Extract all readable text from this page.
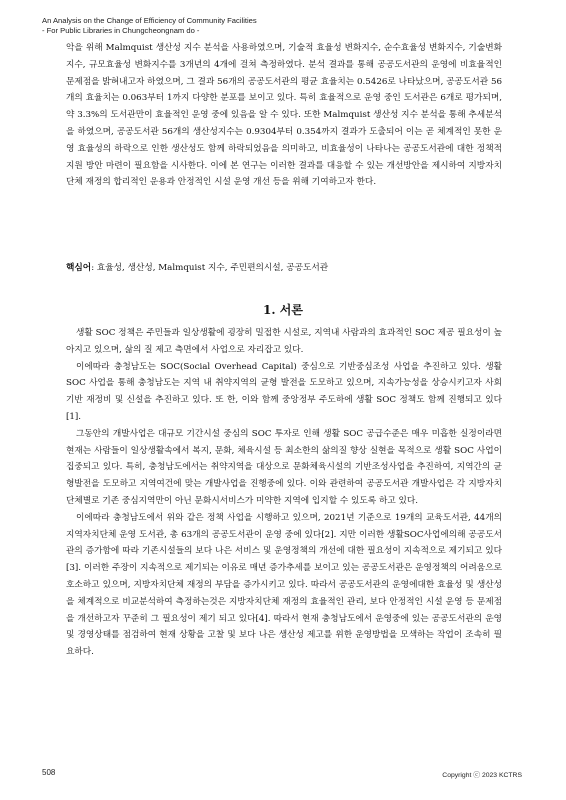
An Analysis on the Change of Efficiency of Community Facilities
- For Public Libraries in Chungcheongnam do -

악을 위해 Malmquist 생산성 지수 분석을 사용하였으며, 기술적 효율성 변화지수, 순수효율성 변화지수, 기술변화지수, 규모효율성 변화지수를 3개년의 4개에 걸쳐 측정하였다. 분석 결과를 통해 공공도서관의 운영에 비효율적인 문제점을 밝혀내고자 하였으며, 그 결과 56개의 공공도서관의 평균 효율치는 0.5426로 나타났으며, 공공도서관 56개의 효율치는 0.063부터 1까지 다양한 분포를 보이고 있다. 특히 효율적으로 운영 중인 도서관은 6개로 평가되며, 약 3.3%의 도서관만이 효율적인 운영 중에 있음을 알 수 있다. 또한 Malmquist 생산성 지수 분석을 통해 추세분석을 하였으며, 공공도서관 56개의 생산성지수는 0.9304부터 0.354까지 결과가 도출되어 이는 곧 체계적인 못한 운영 효율성의 하락으로 인한 생산성도 함께 하락되었음을 의미하고, 비효율성이 나타나는 공공도서관에 대한 정책적 지원 방안 마련이 필요함을 시사한다. 이에 본 연구는 이러한 결과를 대응할 수 있는 개선방안을 제시하여 지방자치단체 재정의 합리적인 운용과 안정적인 시설 운영 개선 등을 위해 기여하고자 한다.

핵심어: 효율성, 생산성, Malmquist 지수, 주민편의시설, 공공도서관
1. 서론

생활 SOC 정책은 주민들과 일상생활에 굉장히 밀접한 시설로, 지역내 사람과의 효과적인 SOC 제공 필요성이 높아지고 있으며, 삶의 질 제고 측면에서 사업으로 자리잡고 있다.

이에따라 충청남도는 SOC(Social Overhead Capital) 중심으로 기반중심조성 사업을 추진하고 있다. 생활 SOC 사업을 통해 충청남도는 지역 내 취약지역의 균형 발전을 도모하고 있으며, 지속가능성을 상승시키고자 사회기반 재정비 및 신설을 추진하고 있다. 또 한, 이와 함께 중앙정부 주도하에 생활 SOC 정책도 함께 진행되고 있다[1].

그동안의 개발사업은 대규모 기간시설 중심의 SOC 투자로 인해 생활 SOC 공급수준은 매우 미흡한 실정이라면 현재는 사람들이 일상생활속에서 복지, 문화, 체육시설 등 최소한의 삶의질 향상 실현을 목적으로 생활 SOC 사업이 집중되고 있다. 특히, 충청남도에서는 취약지역을 대상으로 문화체육시설의 기반조성사업을 추진하여, 지역간의 균형발전을 도모하고 지역여건에 맞는 개발사업을 진행중에 있다. 이와 관련하여 공공도서관 개발사업은 각 지방자치단체별로 기존 중심지역만이 아닌 문화시서비스가 미약한 지역에 입지할 수 있도록 하고 있다.

이에따라 충청남도에서 위와 같은 정책 사업을 시행하고 있으며, 2021년 기준으로 19개의 교육도서관, 44개의 지역자치단체 운영 도서관, 총 63개의 공공도서관이 운영 중에 있다[2]. 지만 이러한 생활SOC사업에의해 공공도서관의 증가함에 따라 기존시설들의 보다 나은 서비스 및 운영정책의 개선에 대한 필요성이 지속적으로 제기되고 있다[3]. 이러한 주장이 지속적으로 제기되는 이유로 매년 증가추세를 보이고 있는 공공도서관은 운영정책의 어려움으로 호소하고 있으며, 지방자치단체 재정의 부담을 증가시키고 있다. 따라서 공공도서관의 운영에대한 효율성 및 생산성을 체계적으로 비교분석하여 측정하는것은 지방자치단체 재정의 효율적인 관리, 보다 안정적인 시설 운영 등 문제점을 개선하고자 꾸준히 그 필요성이 제기 되고 있다[4]. 따라서 현재 충청남도에서 운영중에 있는 공공도서관의 운영 및 경영상태를 점검하여 현재 상황을 고찰 및 보다 나은 생산성 제고를 위한 운영방법을 모색하는 작업이 조속히 필요하다.

508	Copyright ⓒ 2023 KCTRS
